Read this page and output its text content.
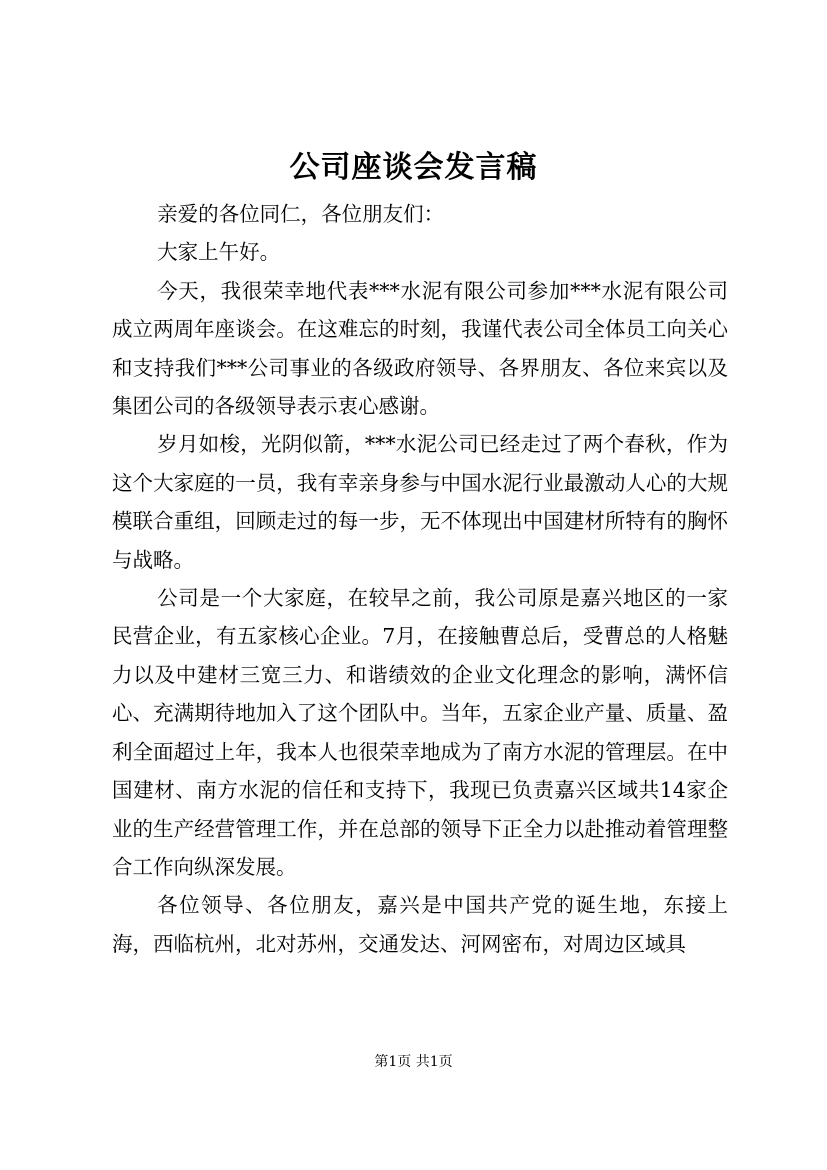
公司座谈会发言稿

亲爱的各位同仁，各位朋友们：

大家上午好。

今天，我很荣幸地代表***水泥有限公司参加***水泥有限公司成立两周年座谈会。在这难忘的时刻，我谨代表公司全体员工向关心和支持我们***公司事业的各级政府领导、各界朋友、各位来宾以及集团公司的各级领导表示衷心感谢。

岁月如梭，光阴似箭，***水泥公司已经走过了两个春秋，作为这个大家庭的一员，我有幸亲身参与中国水泥行业最激动人心的大规模联合重组，回顾走过的每一步，无不体现出中国建材所特有的胸怀与战略。

公司是一个大家庭，在较早之前，我公司原是嘉兴地区的一家民营企业，有五家核心企业。7月，在接触曹总后，受曹总的人格魅力以及中建材三宽三力、和谐绩效的企业文化理念的影响，满怀信心、充满期待地加入了这个团队中。当年，五家企业产量、质量、盈利全面超过上年，我本人也很荣幸地成为了南方水泥的管理层。在中国建材、南方水泥的信任和支持下，我现已负责嘉兴区域共14家企业的生产经营管理工作，并在总部的领导下正全力以赴推动着管理整合工作向纵深发展。

各位领导、各位朋友，嘉兴是中国共产党的诞生地，东接上海，西临杭州，北对苏州，交通发达、河网密布，对周边区域具

第1页 共1页
